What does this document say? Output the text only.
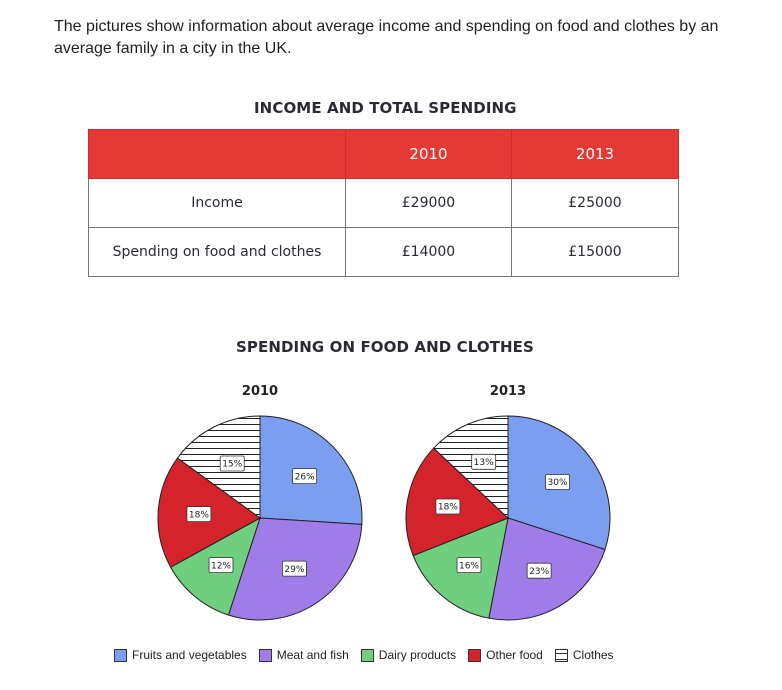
The pictures show information about average income and spending on food and clothes by an average family in a city in the UK.
INCOME AND TOTAL SPENDING
	2010	2013
Income	£29000	£25000
Spending on food and clothes	£14000	£15000
SPENDING ON FOOD AND CLOTHES
2010	2013
26%
29%
12%
18%
15%
30%
23%
16%
18%
13%
Fruits and vegetables	Meat and fish	Dairy products	Other food	Clothes
